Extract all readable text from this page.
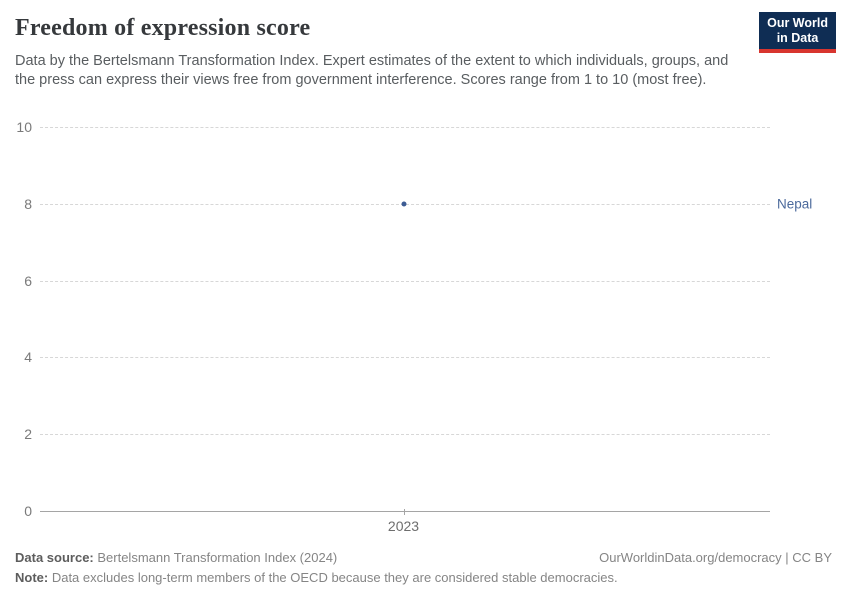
Freedom of expression score

Data by the Bertelsmann Transformation Index. Expert estimates of the extent to which individuals, groups, and the press can express their views free from government interference. Scores range from 1 to 10 (most free).

Our World
in Data
0
2
4
6
8
10
2023
Nepal
Data source: Bertelsmann Transformation Index (2024)	OurWorldinData.org/democracy | CC BY
Note: Data excludes long-term members of the OECD because they are considered stable democracies.
